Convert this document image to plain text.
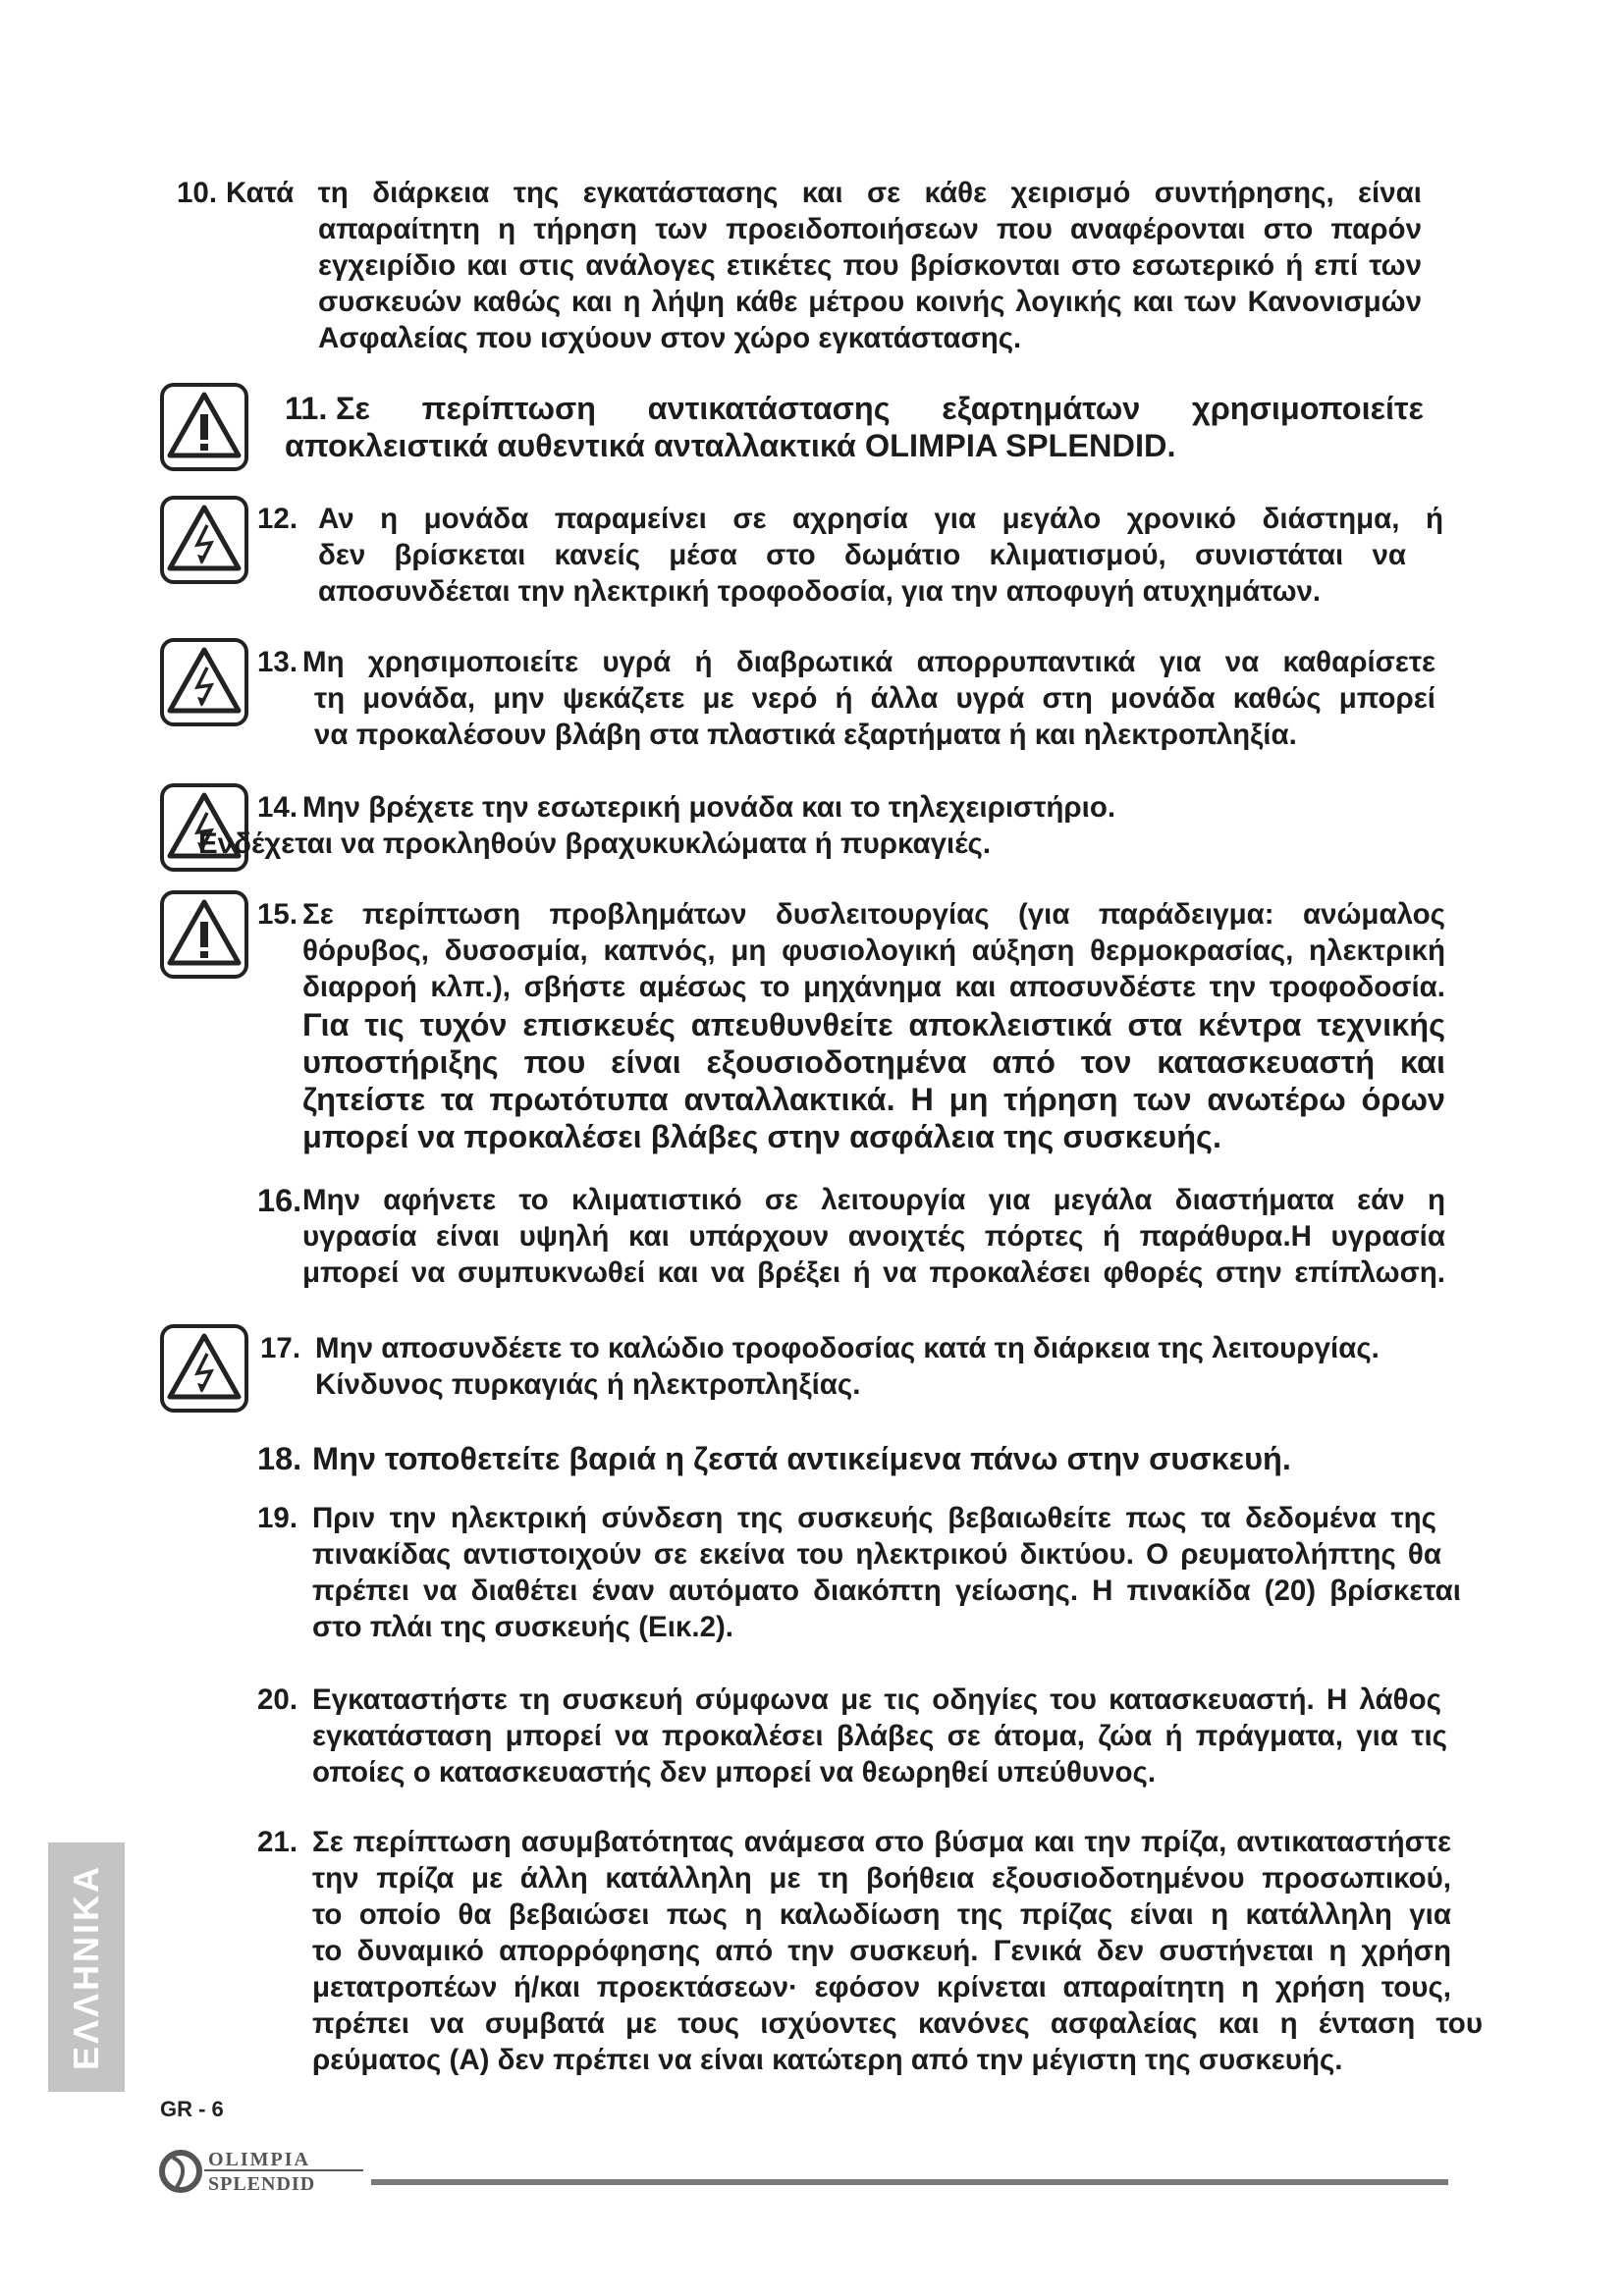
10. Κατά τη διάρκεια της εγκατάστασης και σε κάθε χειρισμό συντήρησης, είναι
απαραίτητη η τήρηση των προειδοποιήσεων που αναφέρονται στο παρόν
εγχειρίδιο και στις ανάλογες ετικέτες που βρίσκονται στο εσωτερικό ή επί των
συσκευών καθώς και η λήψη κάθε μέτρου κοινής λογικής και των Κανονισμών
Ασφαλείας που ισχύουν στον χώρο εγκατάστασης.
11. Σε περίπτωση αντικατάστασης εξαρτημάτων χρησιμοποιείτε
αποκλειστικά αυθεντικά ανταλλακτικά OLIMPIA SPLENDID.
12. Αν η μονάδα παραμείνει σε αχρησία για μεγάλο χρονικό διάστημα, ή
δεν βρίσκεται κανείς μέσα στο δωμάτιο κλιματισμού, συνιστάται να
αποσυνδέεται την ηλεκτρική τροφοδοσία, για την αποφυγή ατυχημάτων.
13. Μη χρησιμοποιείτε υγρά ή διαβρωτικά απορρυπαντικά για να καθαρίσετε
τη μονάδα, μην ψεκάζετε με νερό ή άλλα υγρά στη μονάδα καθώς μπορεί
να προκαλέσουν βλάβη στα πλαστικά εξαρτήματα ή και ηλεκτροπληξία.
14. Μην βρέχετε την εσωτερική μονάδα και το τηλεχειριστήριο.
Ενδέχεται να προκληθούν βραχυκυκλώματα ή πυρκαγιές.
15. Σε περίπτωση προβλημάτων δυσλειτουργίας (για παράδειγμα: ανώμαλος
θόρυβος, δυσοσμία, καπνός, μη φυσιολογική αύξηση θερμοκρασίας, ηλεκτρική
διαρροή κλπ.), σβήστε αμέσως το μηχάνημα και αποσυνδέστε την τροφοδοσία.
Για τις τυχόν επισκευές απευθυνθείτε αποκλειστικά στα κέντρα τεχνικής
υποστήριξης που είναι εξουσιοδοτημένα από τον κατασκευαστή και
ζητείστε τα πρωτότυπα ανταλλακτικά. Η μη τήρηση των ανωτέρω όρων
μπορεί να προκαλέσει βλάβες στην ασφάλεια της συσκευής.
16. Μην αφήνετε το κλιματιστικό σε λειτουργία για μεγάλα διαστήματα εάν η
υγρασία είναι υψηλή και υπάρχουν ανοιχτές πόρτες ή παράθυρα.Η υγρασία
μπορεί να συμπυκνωθεί και να βρέξει ή να προκαλέσει φθορές στην επίπλωση.
17. Μην αποσυνδέετε το καλώδιο τροφοδοσίας κατά τη διάρκεια της λειτουργίας.
Κίνδυνος πυρκαγιάς ή ηλεκτροπληξίας.
18. Μην τοποθετείτε βαριά η ζεστά αντικείμενα πάνω στην συσκευή.
19. Πριν την ηλεκτρική σύνδεση της συσκευής βεβαιωθείτε πως τα δεδομένα της
πινακίδας αντιστοιχούν σε εκείνα του ηλεκτρικού δικτύου. Ο ρευματολήπτης θα
πρέπει να διαθέτει έναν αυτόματο διακόπτη γείωσης. Η πινακίδα (20) βρίσκεται
στο πλάι της συσκευής (Εικ.2).
20. Εγκαταστήστε τη συσκευή σύμφωνα με τις οδηγίες του κατασκευαστή. Η λάθος
εγκατάσταση μπορεί να προκαλέσει βλάβες σε άτομα, ζώα ή πράγματα, για τις
οποίες ο κατασκευαστής δεν μπορεί να θεωρηθεί υπεύθυνος.
21. Σε περίπτωση ασυμβατότητας ανάμεσα στο βύσμα και την πρίζα, αντικαταστήστε
την πρίζα με άλλη κατάλληλη με τη βοήθεια εξουσιοδοτημένου προσωπικού,
το οποίο θα βεβαιώσει πως η καλωδίωση της πρίζας είναι η κατάλληλη για
το δυναμικό απορρόφησης από την συσκευή. Γενικά δεν συστήνεται η χρήση
μετατροπέων ή/και προεκτάσεων· εφόσον κρίνεται απαραίτητη η χρήση τους,
πρέπει να συμβατά με τους ισχύοντες κανόνες ασφαλείας και η ένταση του
ρεύματος (A) δεν πρέπει να είναι κατώτερη από την μέγιστη της συσκευής.
ΕΛΛΗΝΙΚΑ
GR - 6
OLIMPIA
SPLENDID
